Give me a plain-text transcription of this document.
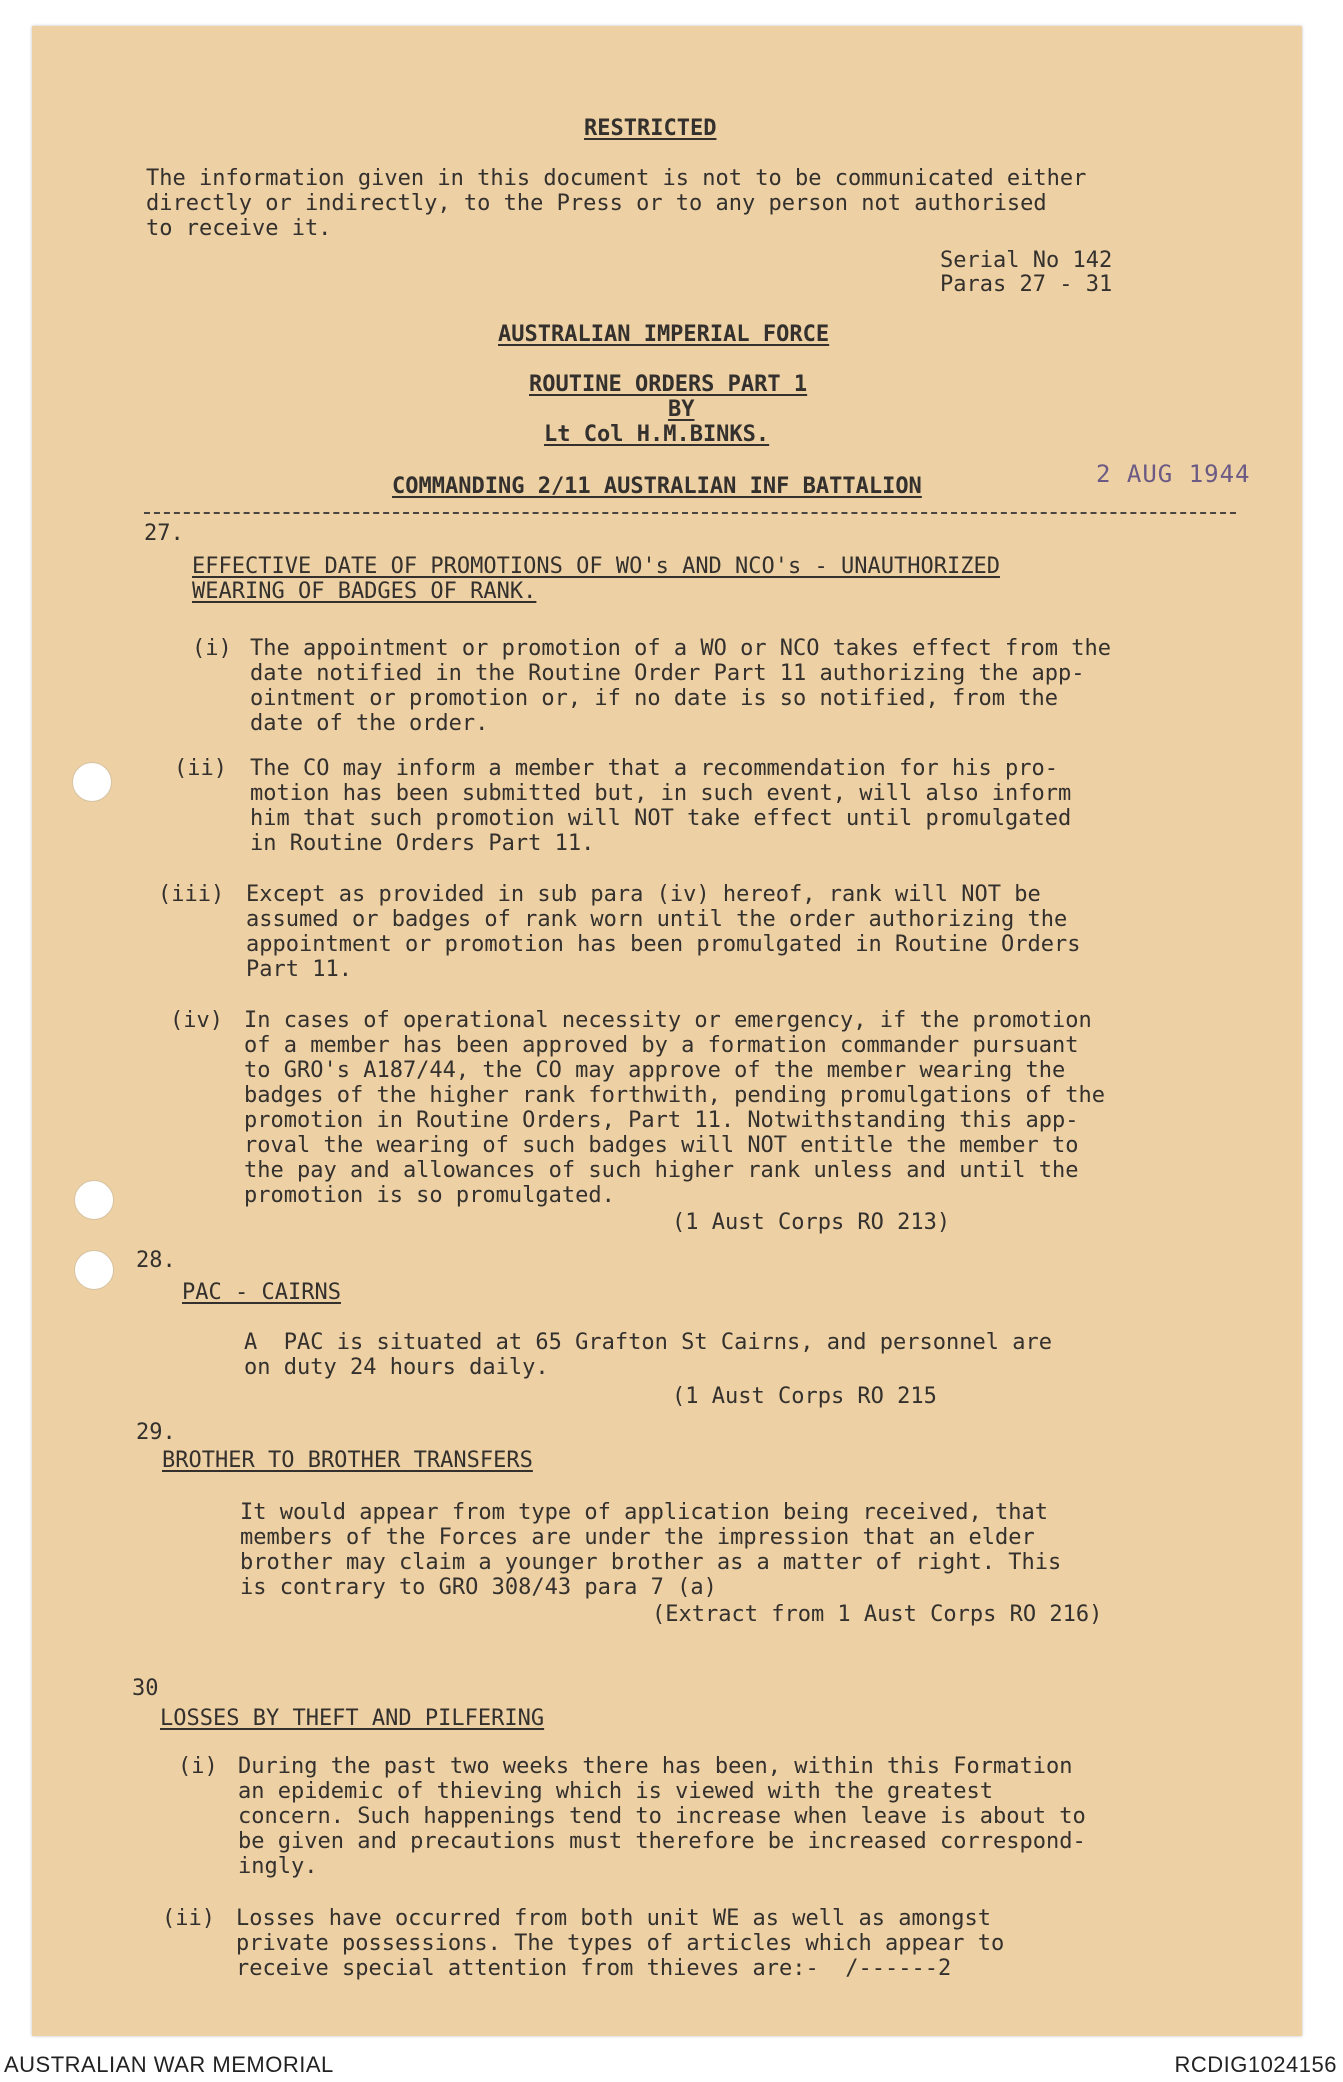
RESTRICTED
The information given in this document is not to be communicated either
directly or indirectly, to the Press or to any person not authorised
to receive it.
Serial No 142
Paras 27 - 31
AUSTRALIAN IMPERIAL FORCE
ROUTINE ORDERS PART 1
BY
Lt Col H.M.BINKS.
COMMANDING 2/11 AUSTRALIAN INF BATTALION	2 AUG 1944
27.
EFFECTIVE DATE OF PROMOTIONS OF WO's AND NCO's - UNAUTHORIZED
WEARING OF BADGES OF RANK.
(i) The appointment or promotion of a WO or NCO takes effect from the
date notified in the Routine Order Part 11 authorizing the app-
ointment or promotion or, if no date is so notified, from the
date of the order.
(ii) The CO may inform a member that a recommendation for his pro-
motion has been submitted but, in such event, will also inform
him that such promotion will NOT take effect until promulgated
in Routine Orders Part 11.
(iii) Except as provided in sub para (iv) hereof, rank will NOT be
assumed or badges of rank worn until the order authorizing the
appointment or promotion has been promulgated in Routine Orders
Part 11.
(iv) In cases of operational necessity or emergency, if the promotion
of a member has been approved by a formation commander pursuant
to GRO's A187/44, the CO may approve of the member wearing the
badges of the higher rank forthwith, pending promulgations of the
promotion in Routine Orders, Part 11. Notwithstanding this app-
roval the wearing of such badges will NOT entitle the member to
the pay and allowances of such higher rank unless and until the
promotion is so promulgated.
(1 Aust Corps RO 213)
28.
PAC - CAIRNS
A  PAC is situated at 65 Grafton St Cairns, and personnel are
on duty 24 hours daily.
(1 Aust Corps RO 215
29.
BROTHER TO BROTHER TRANSFERS
It would appear from type of application being received, that
members of the Forces are under the impression that an elder
brother may claim a younger brother as a matter of right. This
is contrary to GRO 308/43 para 7 (a)
(Extract from 1 Aust Corps RO 216)
30
LOSSES BY THEFT AND PILFERING
(i) During the past two weeks there has been, within this Formation
an epidemic of thieving which is viewed with the greatest
concern. Such happenings tend to increase when leave is about to
be given and precautions must therefore be increased correspond-
ingly.
(ii) Losses have occurred from both unit WE as well as amongst
private possessions. The types of articles which appear to
receive special attention from thieves are:-  /------2
AUSTRALIAN WAR MEMORIAL	RCDIG1024156
